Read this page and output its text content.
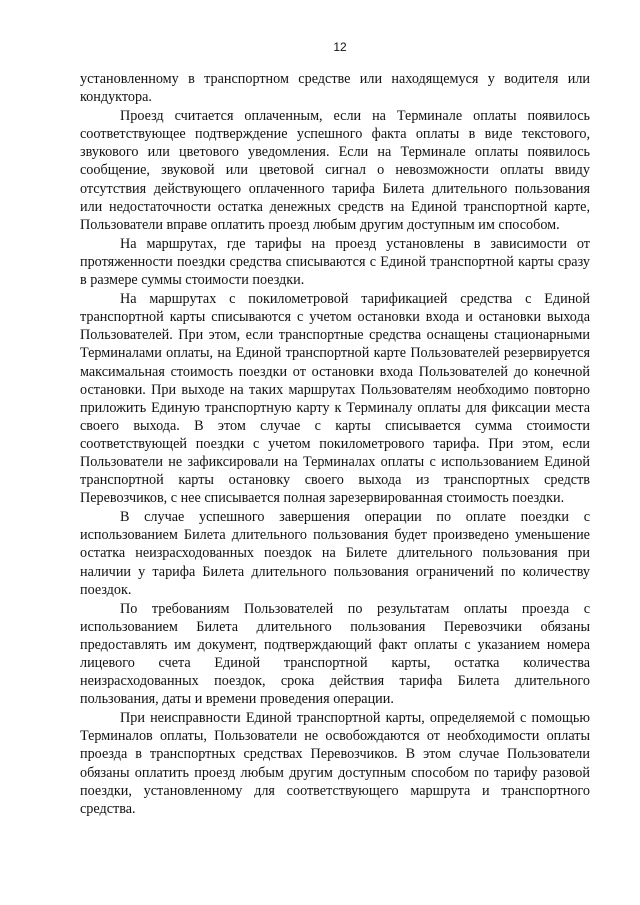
12

установленному в транспортном средстве или находящемуся у водителя или кондуктора.

Проезд считается оплаченным, если на Терминале оплаты появилось соответствующее подтверждение успешного факта оплаты в виде текстового, звукового или цветового уведомления. Если на Терминале оплаты появилось сообщение, звуковой или цветовой сигнал о невозможности оплаты ввиду отсутствия действующего оплаченного тарифа Билета длительного пользования или недостаточности остатка денежных средств на Единой транспортной карте, Пользователи вправе оплатить проезд любым другим доступным им способом.

На маршрутах, где тарифы на проезд установлены в зависимости от протяженности поездки средства списываются с Единой транспортной карты сразу в размере суммы стоимости поездки.

На маршрутах с покилометровой тарификацией средства с Единой транспортной карты списываются с учетом остановки входа и остановки выхода Пользователей. При этом, если транспортные средства оснащены стационарными Терминалами оплаты, на Единой транспортной карте Пользователей резервируется максимальная стоимость поездки от остановки входа Пользователей до конечной остановки. При выходе на таких маршрутах Пользователям необходимо повторно приложить Единую транспортную карту к Терминалу оплаты для фиксации места своего выхода. В этом случае с карты списывается сумма стоимости соответствующей поездки с учетом покилометрового тарифа. При этом, если Пользователи не зафиксировали на Терминалах оплаты с использованием Единой транспортной карты остановку своего выхода из транспортных средств Перевозчиков, с нее списывается полная зарезервированная стоимость поездки.

В случае успешного завершения операции по оплате поездки с использованием Билета длительного пользования будет произведено уменьшение остатка неизрасходованных поездок на Билете длительного пользования при наличии у тарифа Билета длительного пользования ограничений по количеству поездок.

По требованиям Пользователей по результатам оплаты проезда с использованием Билета длительного пользования Перевозчики обязаны предоставлять им документ, подтверждающий факт оплаты с указанием номера лицевого счета Единой транспортной карты, остатка количества неизрасходованных поездок, срока действия тарифа Билета длительного пользования, даты и времени проведения операции.

При неисправности Единой транспортной карты, определяемой с помощью Терминалов оплаты, Пользователи не освобождаются от необходимости оплаты проезда в транспортных средствах Перевозчиков. В этом случае Пользователи обязаны оплатить проезд любым другим доступным способом по тарифу разовой поездки, установленному для соответствующего маршрута и транспортного средства.
